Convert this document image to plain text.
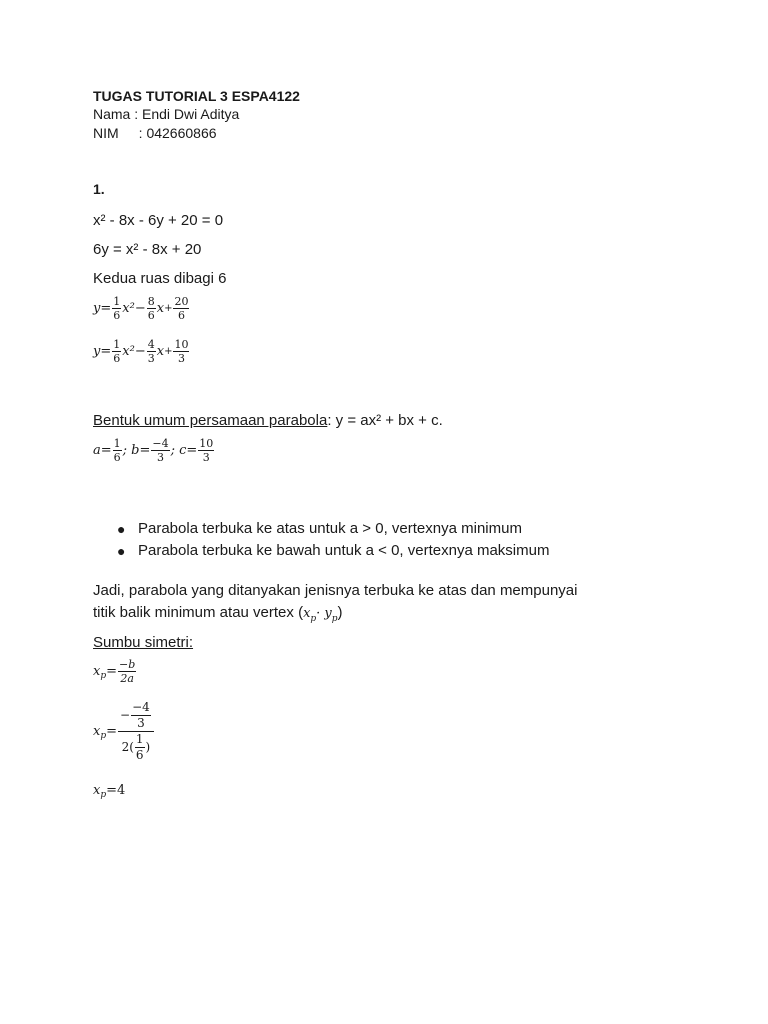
TUGAS TUTORIAL 3 ESPA4122
Nama : Endi Dwi Aditya
NIM : 042660866
1.
x² - 8x - 6y + 20 = 0
6y = x² - 8x + 20
Kedua ruas dibagi 6
$y = \frac{1}{6} x^2 - \frac{8}{6}$ $x + \frac{20}{6}$
$y = \frac{1}{6} x^2 - \frac{4}{3}$ $x + \frac{10}{3}$
Bentuk umum persamaan parabola: y = ax² + bx + c.
$a= \frac{1}{6}$ ; $b= \frac{-4}{3}$ ; $c= \frac{10}{3}$
● Parabola terbuka ke atas untuk a > 0, vertexnya minimum
● Parabola terbuka ke bawah untuk a < 0, vertexnya maksimum
Jadi, parabola yang ditanyakan jenisnya terbuka ke atas dan mempunyai
titik balik minimum atau vertex $(x_p\cdot y_p)$
Sumbu simetri:
x $p = \frac{-b}{2a}$
x $p = \frac{- \frac{-4}{3}}{2( \frac{1}{6} )}$
x p =4
